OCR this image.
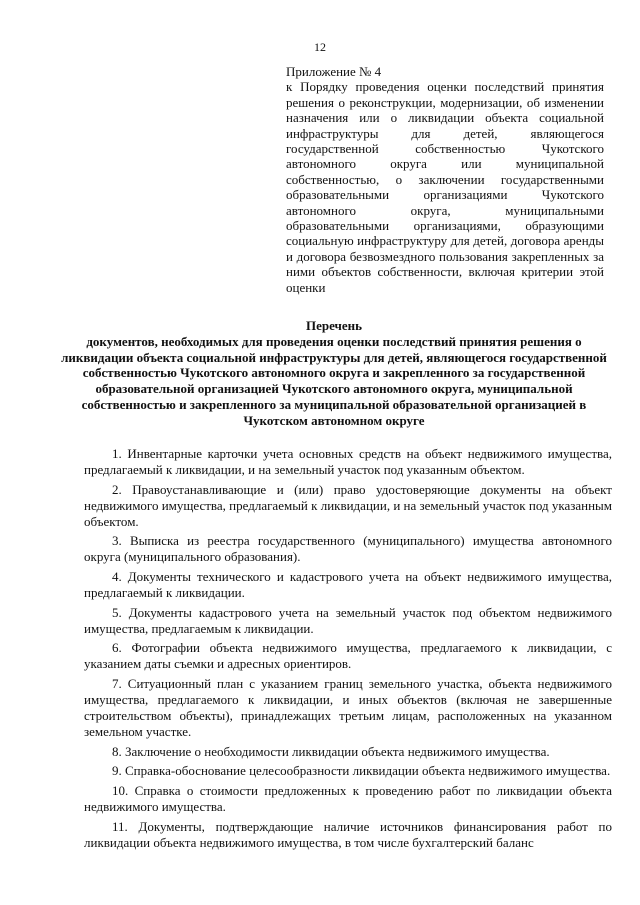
12

Приложение № 4

к Порядку проведения оценки последствий принятия решения о реконструкции, модернизации, об изменении назначения или о ликвидации объекта социальной инфраструктуры для детей, являющегося государственной собственностью Чукотского автономного округа или муниципальной собственностью, о заключении государственными образовательными организациями Чукотского автономного округа, муниципальными образовательными организациями, образующими социальную инфраструктуру для детей, договора аренды и договора безвозмездного пользования закрепленных за ними объектов собственности, включая критерии этой оценки

Перечень
документов, необходимых для проведения оценки последствий принятия решения о ликвидации объекта социальной инфраструктуры для детей, являющегося государственной собственностью Чукотского автономного округа и закрепленного за государственной образовательной организацией Чукотского автономного округа, муниципальной собственностью и закрепленного за муниципальной образовательной организацией в Чукотском автономном округе
1. Инвентарные карточки учета основных средств на объект недвижимого имущества, предлагаемый к ликвидации, и на земельный участок под указанным объектом.
2. Правоустанавливающие и (или) право удостоверяющие документы на объект недвижимого имущества, предлагаемый к ликвидации, и на земельный участок под указанным объектом.
3. Выписка из реестра государственного (муниципального) имущества автономного округа (муниципального образования).
4. Документы технического и кадастрового учета на объект недвижимого имущества, предлагаемый к ликвидации.
5. Документы кадастрового учета на земельный участок под объектом недвижимого имущества, предлагаемым к ликвидации.
6. Фотографии объекта недвижимого имущества, предлагаемого к ликвидации, с указанием даты съемки и адресных ориентиров.
7. Ситуационный план с указанием границ земельного участка, объекта недвижимого имущества, предлагаемого к ликвидации, и иных объектов (включая не завершенные строительством объекты), принадлежащих третьим лицам, расположенных на указанном земельном участке.
8. Заключение о необходимости ликвидации объекта недвижимого имущества.
9. Справка-обоснование целесообразности ликвидации объекта недвижимого имущества.
10. Справка о стоимости предложенных к проведению работ по ликвидации объекта недвижимого имущества.
11. Документы, подтверждающие наличие источников финансирования работ по ликвидации объекта недвижимого имущества, в том числе бухгалтерский баланс
